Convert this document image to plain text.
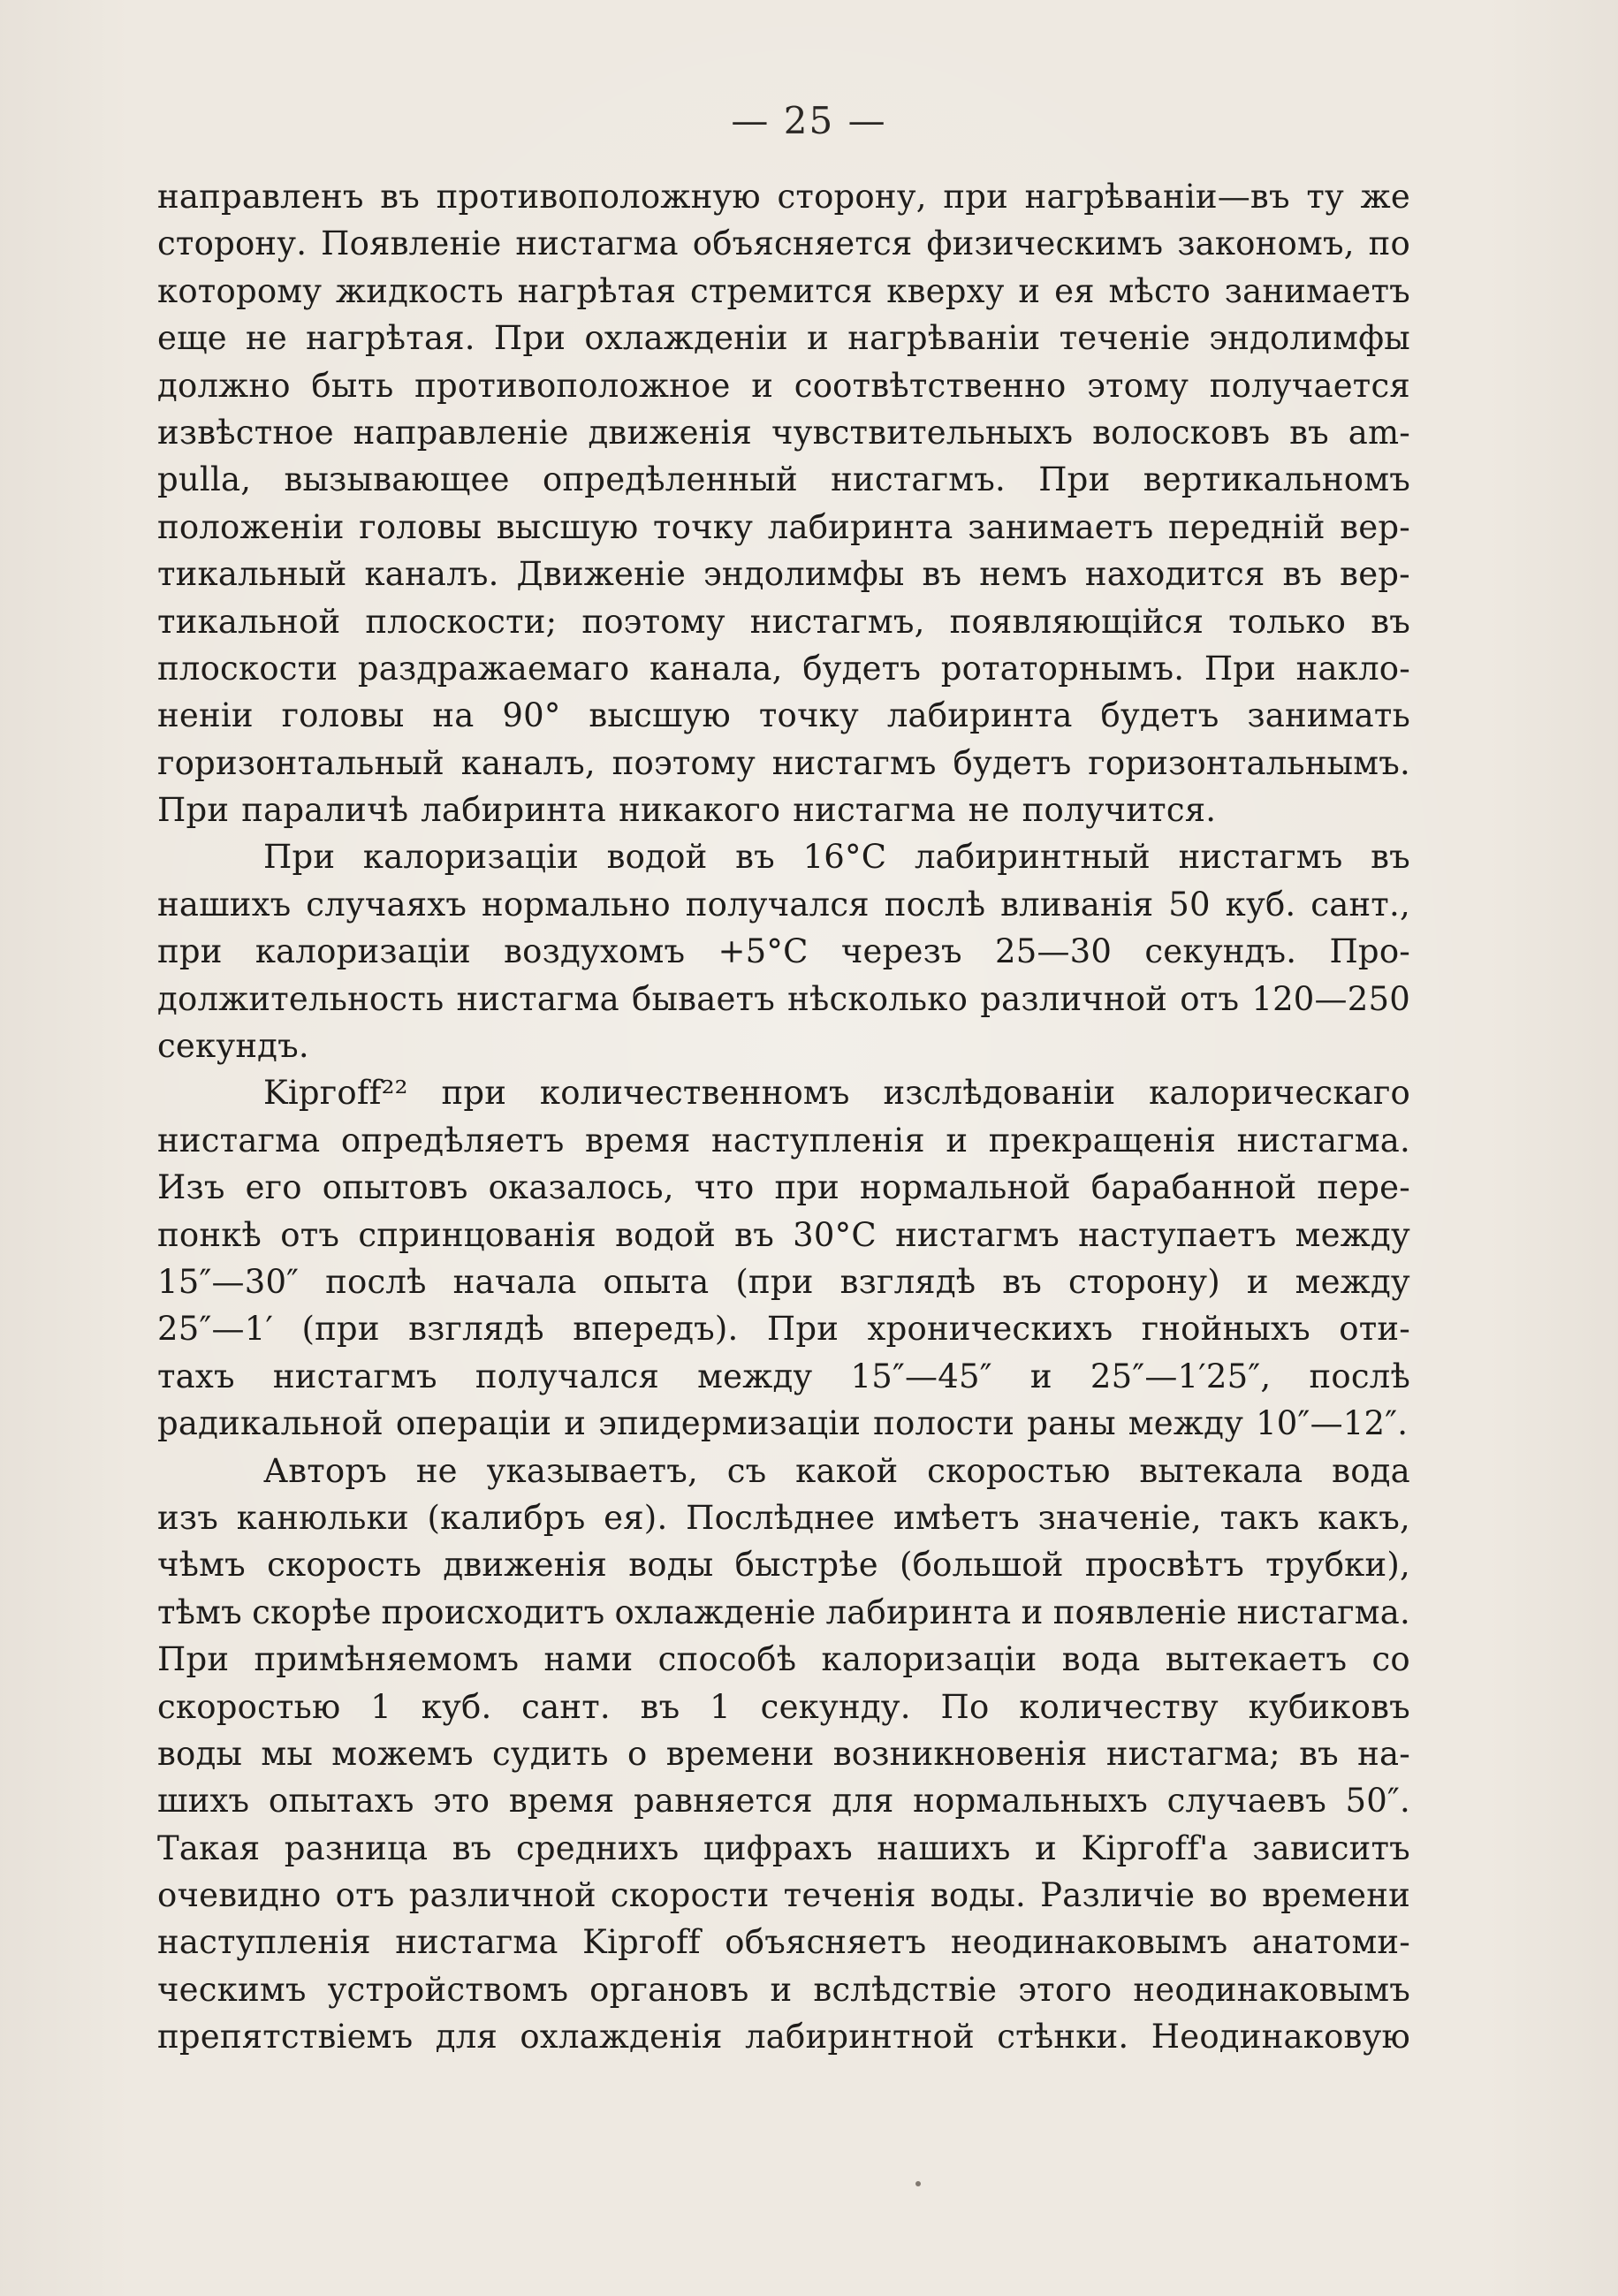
— 25 —
направленъ въ противоположную сторону, при нагрѣваніи—въ ту же
сторону. Появленіе нистагма объясняется физическимъ закономъ, по
которому жидкость нагрѣтая стремится кверху и ея мѣсто занимаетъ
еще не нагрѣтая. При охлажденіи и нагрѣваніи теченіе эндолимфы
должно быть противоположное и соотвѣтственно этому получается
извѣстное направленіе движенія чувствительныхъ волосковъ въ am-
pulla, вызывающее опредѣленный нистагмъ. При вертикальномъ
положеніи головы высшую точку лабиринта занимаетъ передній вер-
тикальный каналъ. Движеніе эндолимфы въ немъ находится въ вер-
тикальной плоскости; поэтому нистагмъ, появляющійся только въ
плоскости раздражаемаго канала, будетъ ротаторнымъ. При накло-
неніи головы на 90° высшую точку лабиринта будетъ занимать
горизонтальный каналъ, поэтому нистагмъ будетъ горизонтальнымъ.
При параличѣ лабиринта никакого нистагма не получится.
При калоризаціи водой въ 16°С лабиринтный нистагмъ въ
нашихъ случаяхъ нормально получался послѣ вливанія 50 куб. сант.,
при калоризаціи воздухомъ +5°С черезъ 25—30 секундъ. Про-
должительность нистагма бываетъ нѣсколько различной отъ 120—250
секундъ.
Kipгoff²² при количественномъ изслѣдованіи калорическаго
нистагма опредѣляетъ время наступленія и прекращенія нистагма.
Изъ его опытовъ оказалось, что при нормальной барабанной пере-
понкѣ отъ спринцованія водой въ 30°С нистагмъ наступаетъ между
15″—30″ послѣ начала опыта (при взглядѣ въ сторону) и между
25″—1′ (при взглядѣ впередъ). При хроническихъ гнойныхъ оти-
тахъ нистагмъ получался между 15″—45″ и 25″—1′25″, послѣ
радикальной операціи и эпидермизаціи полости раны между 10″—12″.
Авторъ не указываетъ, съ какой скоростью вытекала вода
изъ канюльки (калибръ ея). Послѣднее имѣетъ значеніе, такъ какъ,
чѣмъ скорость движенія воды быстрѣе (большой просвѣтъ трубки),
тѣмъ скорѣе происходитъ охлажденіе лабиринта и появленіе нистагма.
При примѣняемомъ нами способѣ калоризаціи вода вытекаетъ со
скоростью 1 куб. сант. въ 1 секунду. По количеству кубиковъ
воды мы можемъ судить о времени возникновенія нистагма; въ на-
шихъ опытахъ это время равняется для нормальныхъ случаевъ 50″.
Такая разница въ среднихъ цифрахъ нашихъ и Kipгoff'а зависитъ
очевидно отъ различной скорости теченія воды. Различіе во времени
наступленія нистагма Kipгoff объясняетъ неодинаковымъ анатоми-
ческимъ устройствомъ органовъ и вслѣдствіе этого неодинаковымъ
препятствіемъ для охлажденія лабиринтной стѣнки. Неодинаковую
